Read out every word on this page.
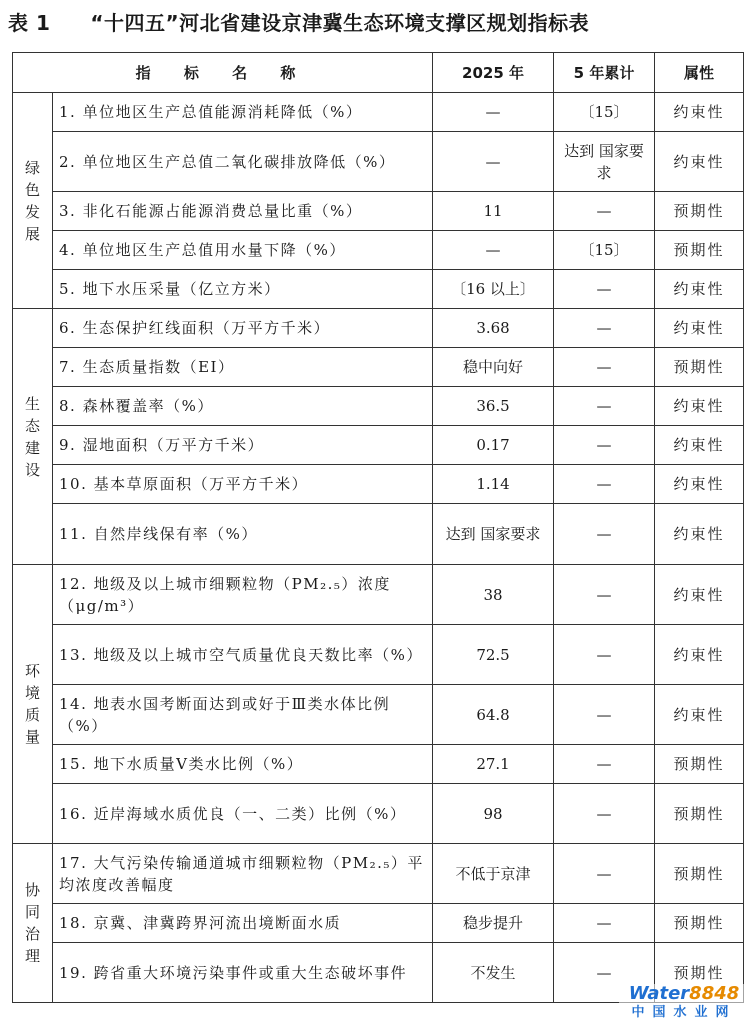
表 1 “十四五”河北省建设京津冀生态环境支撑区规划指标表
指 标 名 称		2025 年	5 年累计	属性

绿
色
发
展	1. 单位地区生产总值能源消耗降低（%）	—	〔15〕	约束性
	2. 单位地区生产总值二氧化碳排放降低（%）	—	达到 国家要求	约束性
	3. 非化石能源占能源消费总量比重（%）	11	—	预期性
	4. 单位地区生产总值用水量下降（%）	—	〔15〕	预期性
	5. 地下水压采量（亿立方米）	〔16 以上〕	—	约束性

生
态
建
设	6. 生态保护红线面积（万平方千米）	3.68	—	约束性
	7. 生态质量指数（EI）	稳中向好	—	预期性
	8. 森林覆盖率（%）	36.5	—	约束性
	9. 湿地面积（万平方千米）	0.17	—	约束性
	10. 基本草原面积（万平方千米）	1.14	—	约束性
	11. 自然岸线保有率（%）	达到 国家要求	—	约束性

环
境
质
量	12. 地级及以上城市细颗粒物（PM₂.₅）浓度（μg/m³）	38	—	约束性
	13. 地级及以上城市空气质量优良天数比率（%）	72.5	—	约束性
	14. 地表水国考断面达到或好于Ⅲ类水体比例（%）	64.8	—	约束性
	15. 地下水质量Ⅴ类水比例（%）	27.1	—	预期性
	16. 近岸海域水质优良（一、二类）比例（%）	98	—	预期性

协
同
治
理	17. 大气污染传输通道城市细颗粒物（PM₂.₅）平均浓度改善幅度	不低于京津	—	预期性
	18. 京冀、津冀跨界河流出境断面水质	稳步提升	—	预期性
	19. 跨省重大环境污染事件或重大生态破坏事件	不发生	—	预期性
Water8848
中国水业网
